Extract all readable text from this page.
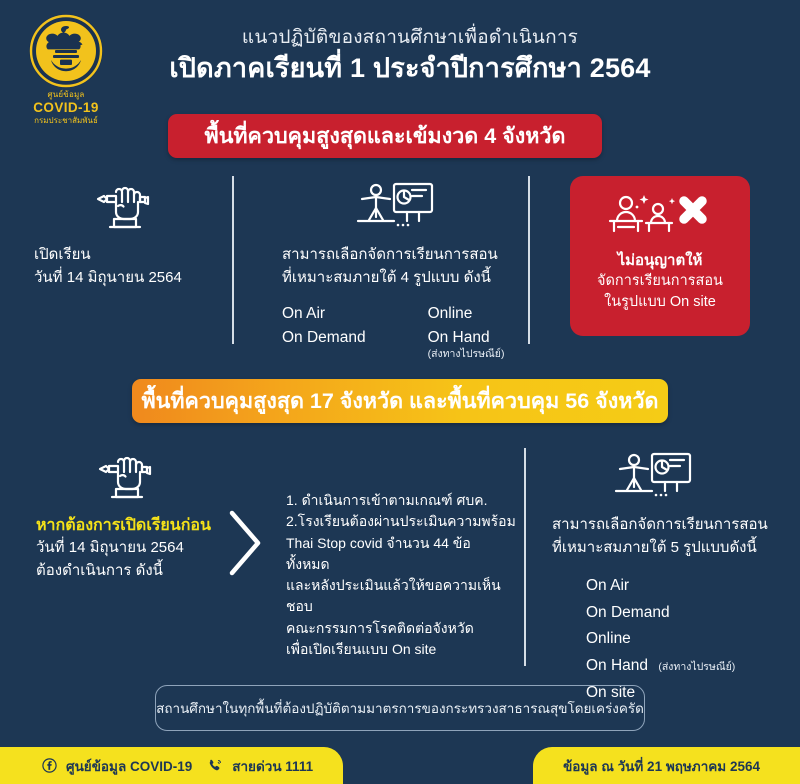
ศูนย์ข้อมูล
COVID-19
กรมประชาสัมพันธ์
แนวปฏิบัติของสถานศึกษาเพื่อดำเนินการ
เปิดภาคเรียนที่ 1 ประจำปีการศึกษา 2564
พื้นที่ควบคุมสูงสุดและเข้มงวด 4 จังหวัด
เปิดเรียน
วันที่ 14 มิถุนายน 2564
สามารถเลือกจัดการเรียนการสอน
ที่เหมาะสมภายใต้ 4 รูปแบบ ดังนี้
On Air
On Demand
Online
On Hand
(ส่งทางไปรษณีย์)
ไม่อนุญาตให้
จัดการเรียนการสอน
ในรูปแบบ On site
พื้นที่ควบคุมสูงสุด 17 จังหวัด และพื้นที่ควบคุม 56 จังหวัด
หากต้องการเปิดเรียนก่อน
วันที่ 14 มิถุนายน 2564
ต้องดำเนินการ ดังนี้
1. ดำเนินการเข้าตามเกณฑ์ ศบค.
2.โรงเรียนต้องผ่านประเมินความพร้อม
Thai Stop covid จำนวน 44 ข้อ ทั้งหมด
และหลังประเมินแล้วให้ขอความเห็นชอบ
คณะกรรมการโรคติดต่อจังหวัด
เพื่อเปิดเรียนแบบ On site
สามารถเลือกจัดการเรียนการสอน
ที่เหมาะสมภายใต้ 5 รูปแบบดังนี้
On Air
On Demand
Online
On Hand (ส่งทางไปรษณีย์)
On site
สถานศึกษาในทุกพื้นที่ต้องปฏิบัติตามมาตรการของกระทรวงสาธารณสุขโดยเคร่งครัด
ศูนย์ข้อมูล COVID-19	สายด่วน 1111	ข้อมูล ณ วันที่ 21 พฤษภาคม 2564
